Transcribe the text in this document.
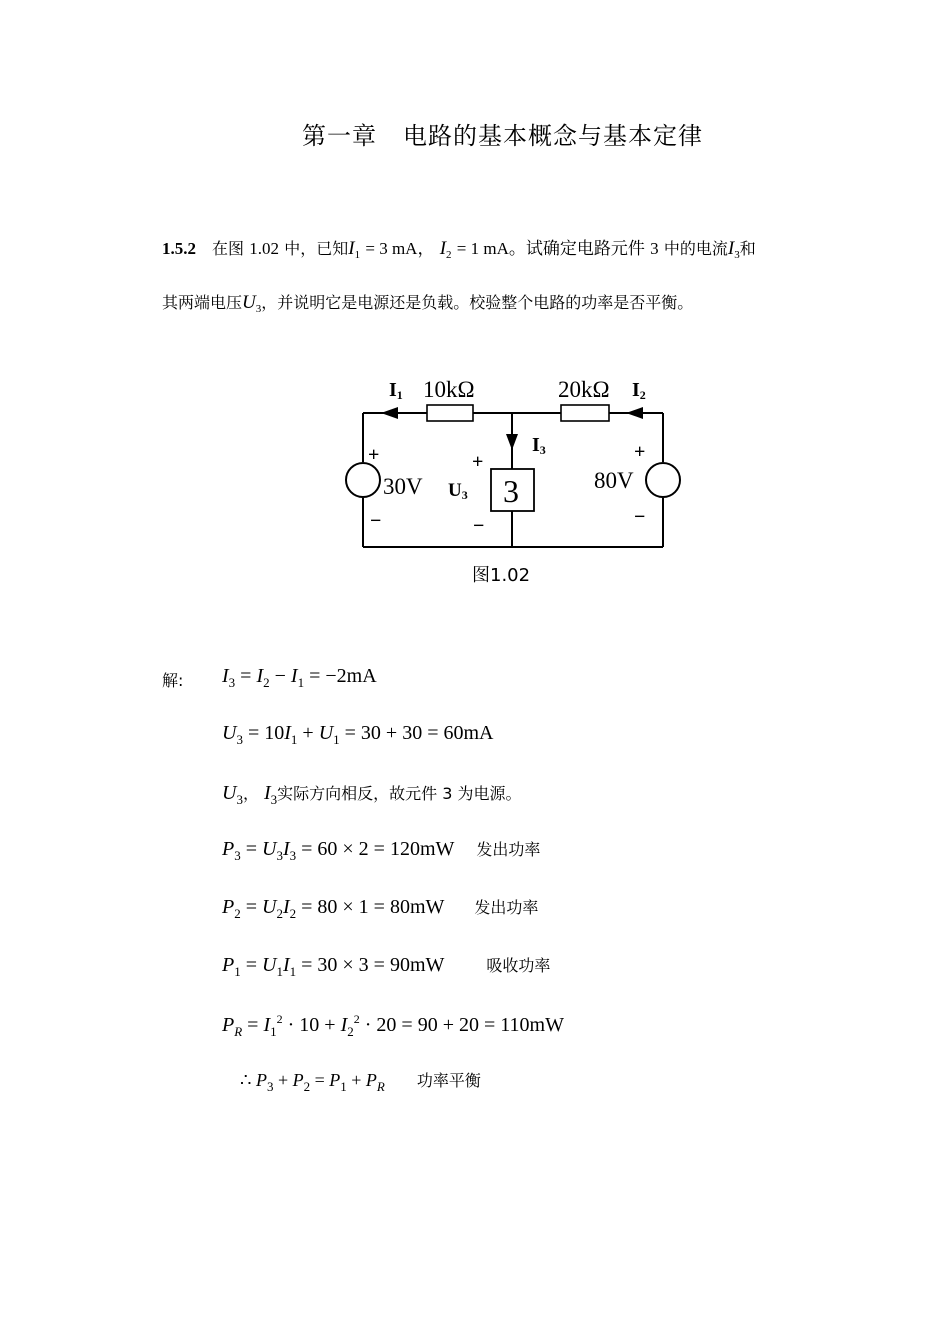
第一章 电路的基本概念与基本定律
1.5.2 在图 1.02 中，已知$I_1 = 3$ mA， $I_2 = 1$ mA。试确定电路元件 3 中的电流$I_3$和
其两端电压$U_3$，并说明它是电源还是负载。校验整个电路的功率是否平衡。
I1 10kΩ	20kΩ I2
I3
+
−
30V
+
−
U3 3
+
−
80V
图1.02
解: $I_3 = I_2 - I_1 = -2mA$
$U_3 = 10I_1 + U_1 = 30 + 30 = 60mA$
$U_3$， $I_3$实际方向相反，故元件 3 为电源。
$P_3 = U_3I_3 = 60 \times 2 = 120mW$ 发出功率
$P_2 = U_2I_2 = 80 \times 1 = 80mW$ 发出功率
$P_1 = U_1I_1 = 30 \times 3 = 90mW$	吸收功率
$P_R = I_1^2 \cdot 10 + I_2^2 \cdot 20 = 90 + 20 = 110mW$
∴ $P_3 + P_2 = P_1 + P_R$ 功率平衡
